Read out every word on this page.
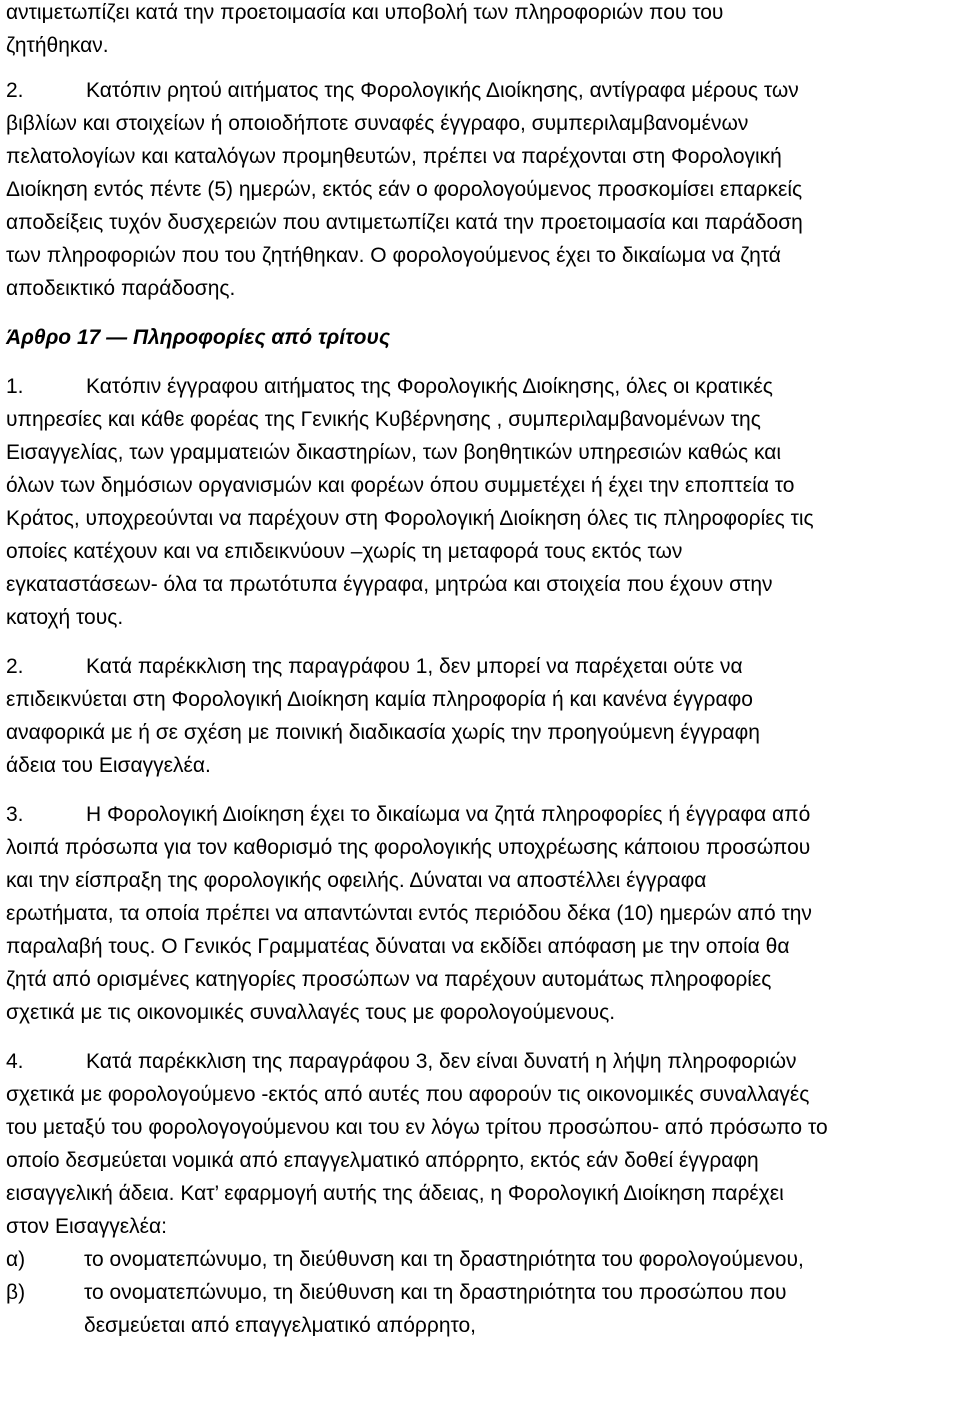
αντιμετωπίζει κατά την προετοιμασία και υποβολή των πληροφοριών που του
ζητήθηκαν.
2.	Κατόπιν ρητού αιτήματος της Φορολογικής Διοίκησης, αντίγραφα μέρους των
βιβλίων και στοιχείων ή οποιοδήποτε συναφές έγγραφο, συμπεριλαμβανομένων
πελατολογίων και καταλόγων προμηθευτών, πρέπει να παρέχονται στη Φορολογική
Διοίκηση εντός πέντε (5) ημερών, εκτός εάν ο φορολογούμενος προσκομίσει επαρκείς
αποδείξεις τυχόν δυσχερειών που αντιμετωπίζει κατά την προετοιμασία και παράδοση
των πληροφοριών που του ζητήθηκαν. Ο φορολογούμενος έχει το δικαίωμα να ζητά
αποδεικτικό παράδοσης.
Άρθρο 17 — Πληροφορίες από τρίτους
1.	Κατόπιν έγγραφου αιτήματος της Φορολογικής Διοίκησης, όλες οι κρατικές
υπηρεσίες και κάθε φορέας της Γενικής Κυβέρνησης , συμπεριλαμβανομένων της
Εισαγγελίας, των γραμματειών δικαστηρίων, των βοηθητικών υπηρεσιών καθώς και
όλων των δημόσιων οργανισμών και φορέων όπου συμμετέχει ή έχει την εποπτεία το
Κράτος, υποχρεούνται να παρέχουν στη Φορολογική Διοίκηση όλες τις πληροφορίες τις
οποίες κατέχουν και να επιδεικνύουν –χωρίς τη μεταφορά τους εκτός των
εγκαταστάσεων- όλα τα πρωτότυπα έγγραφα, μητρώα και στοιχεία που έχουν στην
κατοχή τους.
2.	Κατά παρέκκλιση της παραγράφου 1, δεν μπορεί να παρέχεται ούτε να
επιδεικνύεται στη Φορολογική Διοίκηση καμία πληροφορία ή και κανένα έγγραφο
αναφορικά με ή σε σχέση με ποινική διαδικασία χωρίς την προηγούμενη έγγραφη
άδεια του Εισαγγελέα.
3.	Η Φορολογική Διοίκηση έχει το δικαίωμα να ζητά πληροφορίες ή έγγραφα από
λοιπά πρόσωπα για τον καθορισμό της φορολογικής υποχρέωσης κάποιου προσώπου
και την είσπραξη της φορολογικής οφειλής. Δύναται να αποστέλλει έγγραφα
ερωτήματα, τα οποία πρέπει να απαντώνται εντός περιόδου δέκα (10) ημερών από την
παραλαβή τους. Ο Γενικός Γραμματέας δύναται να εκδίδει απόφαση με την οποία θα
ζητά από ορισμένες κατηγορίες προσώπων να παρέχουν αυτομάτως πληροφορίες
σχετικά με τις οικονομικές συναλλαγές τους με φορολογούμενους.
4.	Κατά παρέκκλιση της παραγράφου 3, δεν είναι δυνατή η λήψη πληροφοριών
σχετικά με φορολογούμενο -εκτός από αυτές που αφορούν τις οικονομικές συναλλαγές
του μεταξύ του φορολογογούμενου και του εν λόγω τρίτου προσώπου- από πρόσωπο το
οποίο δεσμεύεται νομικά από επαγγελματικό απόρρητο, εκτός εάν δοθεί έγγραφη
εισαγγελική άδεια. Κατ’ εφαρμογή αυτής της άδειας, η Φορολογική Διοίκηση παρέχει
στον Εισαγγελέα:
α)	το ονοματεπώνυμο, τη διεύθυνση και τη δραστηριότητα του φορολογούμενου,
β)	το ονοματεπώνυμο, τη διεύθυνση και τη δραστηριότητα του προσώπου που
δεσμεύεται από επαγγελματικό απόρρητο,
